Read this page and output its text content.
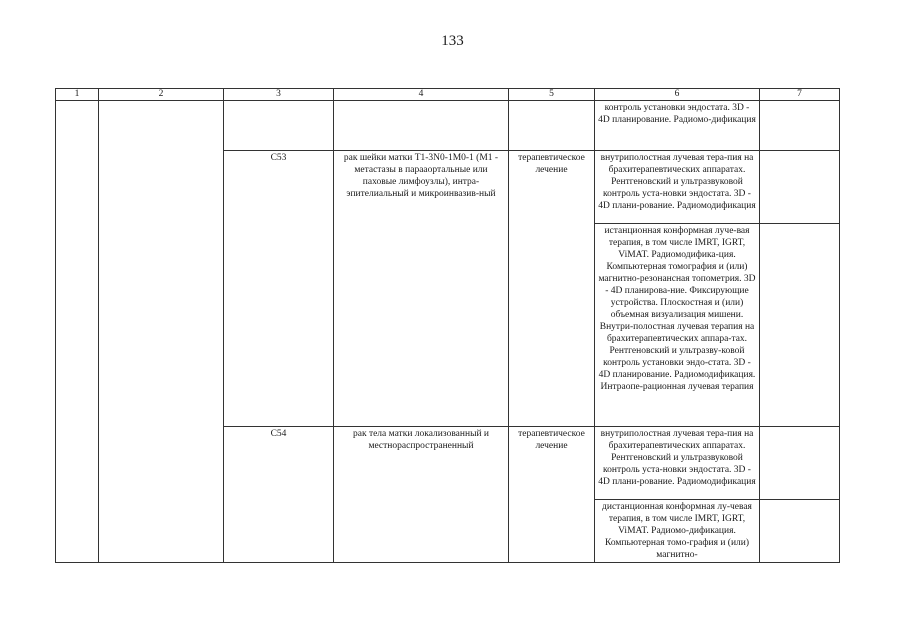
133
1	2	3	4	5	6	7
					контроль установки эндостата. 3D - 4D планирование. Радиомо-дификация	
		С53	рак шейки матки T1-3N0-1M0-1 (M1 - метастазы в парааортальные или паховые лимфоузлы), интра-эпителиальный и микроинвазив-ный	терапевтическое лечение	внутриполостная лучевая тера-пия на брахитерапевтических аппаратах. Рентгеновский и ультразвуковой контроль уста-новки эндостата. 3D - 4D плани-рование. Радиомодификация	
					истанционная конформная луче-вая терапия, в том числе IMRT, IGRT, ViMAT. Радиомодифика-ция. Компьютерная томография и (или) магнитно-резонансная топометрия. 3D - 4D планирова-ние. Фиксирующие устройства. Плоскостная и (или) объемная визуализация мишени. Внутри-полостная лучевая терапия на брахитерапевтических аппара-тах. Рентгеновский и ультразву-ковой контроль установки эндо-стата. 3D - 4D планирование. Радиомодификация. Интраопе-рационная лучевая терапия	
		С54	рак тела матки локализованный и местнораспространенный	терапевтическое лечение	внутриполостная лучевая тера-пия на брахитерапевтических аппаратах. Рентгеновский и ультразвуковой контроль уста-новки эндостата. 3D - 4D плани-рование. Радиомодификация	
					дистанционная конформная лу-чевая терапия, в том числе IMRT, IGRT, ViMAT. Радиомо-дификация. Компьютерная томо-графия и (или) магнитно-	
